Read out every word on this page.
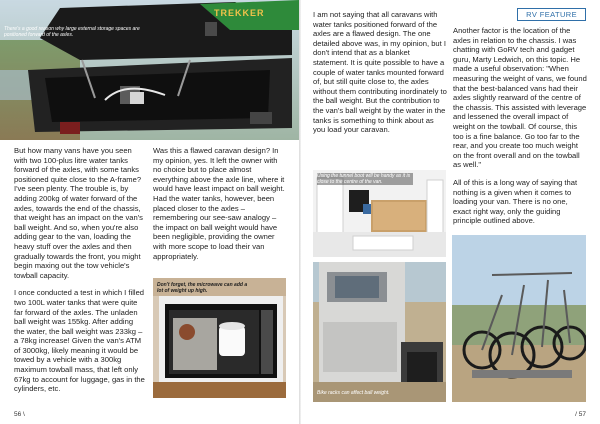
There's a good reason why large external storage spaces are positioned forward of the axles.
TREKKER

But how many vans have you seen with two 100-plus litre water tanks forward of the axles, with some tanks positioned quite close to the A-frame? I've seen plenty. The trouble is, by adding 200kg of water forward of the axles, towards the end of the chassis, that weight has an impact on the van's ball weight. And so, when you're also adding gear to the van, loading the heavy stuff over the axles and then gradually towards the front, you might begin maxing out the tow vehicle's towball capacity.

I once conducted a test in which I filled two 100L water tanks that were quite far forward of the axles. The unladen ball weight was 155kg. After adding the water, the ball weight was 233kg – a 78kg increase! Given the van's ATM of 3000kg, likely meaning it would be towed by a vehicle with a 300kg maximum towball mass, that left only 67kg to account for luggage, gas in the cylinders, etc.

Was this a flawed caravan design? In my opinion, yes. It left the owner with no choice but to place almost everything above the axle line, where it would have least impact on ball weight. Had the water tanks, however, been placed closer to the axles – remembering our see-saw analogy – the impact on ball weight would have been negligible, providing the owner with more scope to load their van appropriately.

Don't forget, the microwave can add a lot of weight up high.
56 \
RV FEATURE

I am not saying that all caravans with water tanks positioned forward of the axles are a flawed design. The one detailed above was, in my opinion, but I don't intend that as a blanket statement. It is quite possible to have a couple of water tanks mounted forward of, but still quite close to, the axles without them contributing inordinately to the ball weight. But the contribution to the van's ball weight by the water in the tanks is something to think about as you load your caravan.

Another factor is the location of the axles in relation to the chassis. I was chatting with GoRV tech and gadget guru, Marty Ledwich, on this topic. He made a useful observation: "When measuring the weight of vans, we found that the best-balanced vans had their axles slightly rearward of the centre of the chassis. This assisted with leverage and lessened the overall impact of weight on the towball. Of course, this too is a fine balance. Go too far to the rear, and you create too much weight on the front overall and on the towball as well."

All of this is a long way of saying that nothing is a given when it comes to loading your van. There is no one, exact right way, only the guiding principle outlined above.

Using the tunnel boot will be handy as it is close to the centre of the van.
Bike racks can affect ball weight.
/ 57
